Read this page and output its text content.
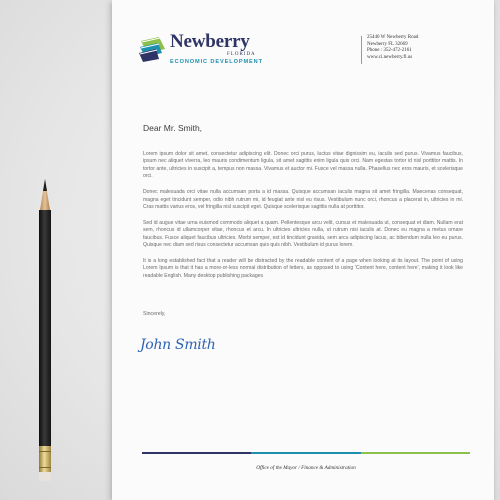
Newberry
FLORIDA
ECONOMIC DEVELOPMENT
25440 W Newberry Road
Newberry FL 32669
Phone : 352-472-2161
www.ci.newberry.fl.us
Dear Mr. Smith,

Lorem ipsum dolor sit amet, consectetur adipiscing elit. Donec orci purus, luctus vitae dignissim eu, iaculis sed purus. Vivamus faucibus, ipsum nec aliquet viverra, leo mauris condimentum ligula, sit amet sagittis enim ligula quis orci. Nam egestas tortor id nisl porttitor mattis. In tortor ante, ultricies in suscipit a, tempus non massa. Vivamus et auctor mi. Fusce vel massa nulla. Phasellus nec eros mauris, et scelerisque orci.

Donec malesuada orci vitae nulla accumsan porta a id massa. Quisque accumsan iaculis magna sit amet fringilla. Maecenas consequat, magna eget tincidunt semper, odio nibh rutrum mi, id feugiat ante nisl eu risus. Vestibulum nunc orci, rhoncus a placerat in, ultricies in mi. Cras mattis varius eros, vel fringilla nisl suscipit eget. Quisque scelerisque sagittis nulla at porttitor.

Sed id augue vitae urna euismod commodo aliquet a quam. Pellentesque arcu velit, cursus et malesuada ut, consequat et diam. Nullam erat sem, rhoncus id ullamcorper vitae, rhoncus et arcu. In ultricies ultricies nulla, ut rutrum nisi iaculis at. Donec eu magna a metus ornare faucibus. Fusce aliquet faucibus ultricies. Morbi semper, est id tincidunt gravida, sem arcu adipiscing lacus, ac bibendum nulla leo eu purus. Quisque nec diam sed risus consectetur accumsan quis quis nibh. Vestibulum id purus lorem.

It is a long established fact that a reader will be distracted by the readable content of a page when looking at its layout. The point of using Lorem Ipsum is that it has a more-or-less normal distribution of letters, as opposed to using 'Content here, content here', making it look like readable English. Many desktop publishing packages

Sincerely,
John Smith
Office of the Mayor / Finance & Administration
